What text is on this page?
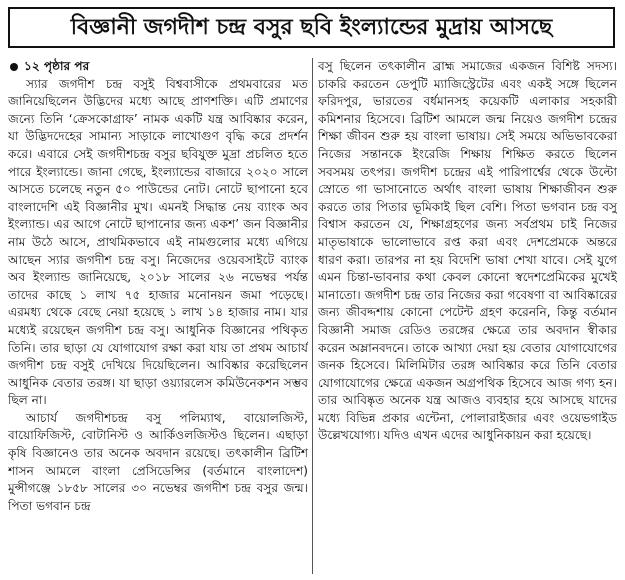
বিজ্ঞানী জগদীশ চন্দ্র বসুর ছবি ইংল্যান্ডের মুদ্রায় আসছে
১২ পৃষ্ঠার পর

স্যার জগদীশ চন্দ্র বসুই বিশ্ববাসীকে প্রথমবারের মত জানিয়েছিলেন উদ্ভিদের মধ্যে আছে প্রাণশক্তি। এটি প্রমাণের জন্যে তিনি ‘ক্রেসকোগ্রাফ’ নামক একটি যন্ত্র আবিষ্কার করেন, যা উদ্ভিদদেহের সামান্য সাড়াকে লাখোগুণ বৃদ্ধি করে প্রদর্শন করে। এবারে সেই জগদীশচন্দ্র বসুর ছবিযুক্ত মুদ্রা প্রচলিত হতে পারে ইংল্যান্ডে। জানা গেছে, ইংল্যান্ডের বাজারে ২০২০ সালে আসতে চলেছে নতুন ৫০ পাউন্ডের নোট। নোটে ছাপানো হবে বাংলাদেশি এই বিজ্ঞানীর মুখ। এমনই সিদ্ধান্ত নেয় ব্যাংক অব ইংল্যান্ড। এর আগে নোটে ছাপানোর জন্য একশ’ জন বিজ্ঞানীর নাম উঠে আসে, প্রাথমিকভাবে এই নামগুলোর মধ্যে এগিয়ে আছেন স্যার জগদীশ চন্দ্র বসু। নিজেদের ওয়েবসাইটে ব্যাংক অব ইংল্যান্ড জানিয়েছে, ২০১৮ সালের ২৬ নভেম্বর পর্যন্ত তাদের কাছে ১ লাখ ৭৫ হাজার মনোনয়ন জমা পড়েছে। এরমধ্য থেকে বেছে নেয়া হয়েছে ১ লাখ ১৪ হাজার নাম। যার মধ্যেই রয়েছেন জগদীশ চন্দ্র বসু। আধুনিক বিজ্ঞানের পথিকৃত তিনি। তার ছাড়া যে যোগাযোগ রক্ষা করা যায় তা প্রথম আচার্য জগদীশ চন্দ্র বসুই দেখিয়ে দিয়েছিলেন। আবিষ্কার করেছিলেন আধুনিক বেতার তরঙ্গ। যা ছাড়া ওয়্যারলেস কমিউনেকশন সম্ভব ছিল না।

আচার্য জগদীশচন্দ্র বসু পলিম্যাথ, বায়োলজিস্ট, বায়োফিজিস্ট, বোটানিস্ট ও আর্কিওলজিস্টও ছিলেন। এছাড়া কৃষি বিজ্ঞানেও তার অনেক অবদান রয়েছে। তৎকালীন ব্রিটিশ শাসন আমলে বাংলা প্রেসিডেন্সির (বর্তমানে বাংলাদেশ) মুন্সীগঞ্জে ১৮৫৮ সালের ৩০ নভেম্বর জগদীশ চন্দ্র বসুর জন্ম। পিতা ভগবান চন্দ্র

বসু ছিলেন তৎকালীন ব্রাহ্ম সমাজের একজন বিশিষ্ট সদস্য। চাকরি করতেন ডেপুটি ম্যাজিস্ট্রেটের এবং একই সঙ্গে ছিলেন ফরিদপুর, ভারতের বর্ধমানসহ কয়েকটি এলাকার সহকারী কমিশনার হিসেবে। ব্রিটিশ আমলে জন্ম নিয়েও জগদীশ চন্দ্রের শিক্ষা জীবন শুরু হয় বাংলা ভাষায়। সেই সময়ে অভিভাবকেরা নিজের সন্তানকে ইংরেজি শিক্ষায় শিক্ষিত করতে ছিলেন সবসময় তৎপর। জগদীশ চন্দ্রের এই পারিপার্শ্বের থেকে উল্টো স্রোতে গা ভাসানোতে অর্থাৎ বাংলা ভাষায় শিক্ষাজীবন শুরু করতে তার পিতার ভূমিকাই ছিল বেশি। পিতা ভগবান চন্দ্র বসু বিশ্বাস করতেন যে, শিক্ষাগ্রহণের জন্য সর্বপ্রথম চাই নিজের মাতৃভাষাকে ভালোভাবে রপ্ত করা এবং দেশপ্রেমকে অন্তরে ধারণ করা। তারপর না হয় বিদেশি ভাষা শেখা যাবে। সেই যুগে এমন চিন্তা-ভাবনার কথা কেবল কোনো স্বদেশপ্রেমিকের মুখেই মানাতো। জগদীশ চন্দ্র তার নিজের করা গবেষণা বা আবিষ্কারের জন্য জীবদ্দশায় কোনো পেটেন্ট গ্রহণ করেননি, কিন্তু বর্তমান বিজ্ঞানী সমাজ রেডিও তরঙ্গের ক্ষেত্রে তার অবদান স্বীকার করেন অম্লানবদনে। তাকে আখ্যা দেয়া হয় বেতার যোগাযোগের জনক হিসেবে। মিলিমিটার তরঙ্গ আবিষ্কার করে তিনি বেতার যোগাযোগের ক্ষেত্রে একজন অগ্রপথিক হিসেবে আজ গণ্য হন। তার আবিষ্কৃত অনেক যন্ত্র আজও ব্যবহার হয়ে আসছে যাদের মধ্যে বিভিন্ন প্রকার এন্টেনা, পোলারাইজার এবং ওয়েভগাইড উল্লেখযোগ্য। যদিও এখন এদের আধুনিকায়ন করা হয়েছে।
